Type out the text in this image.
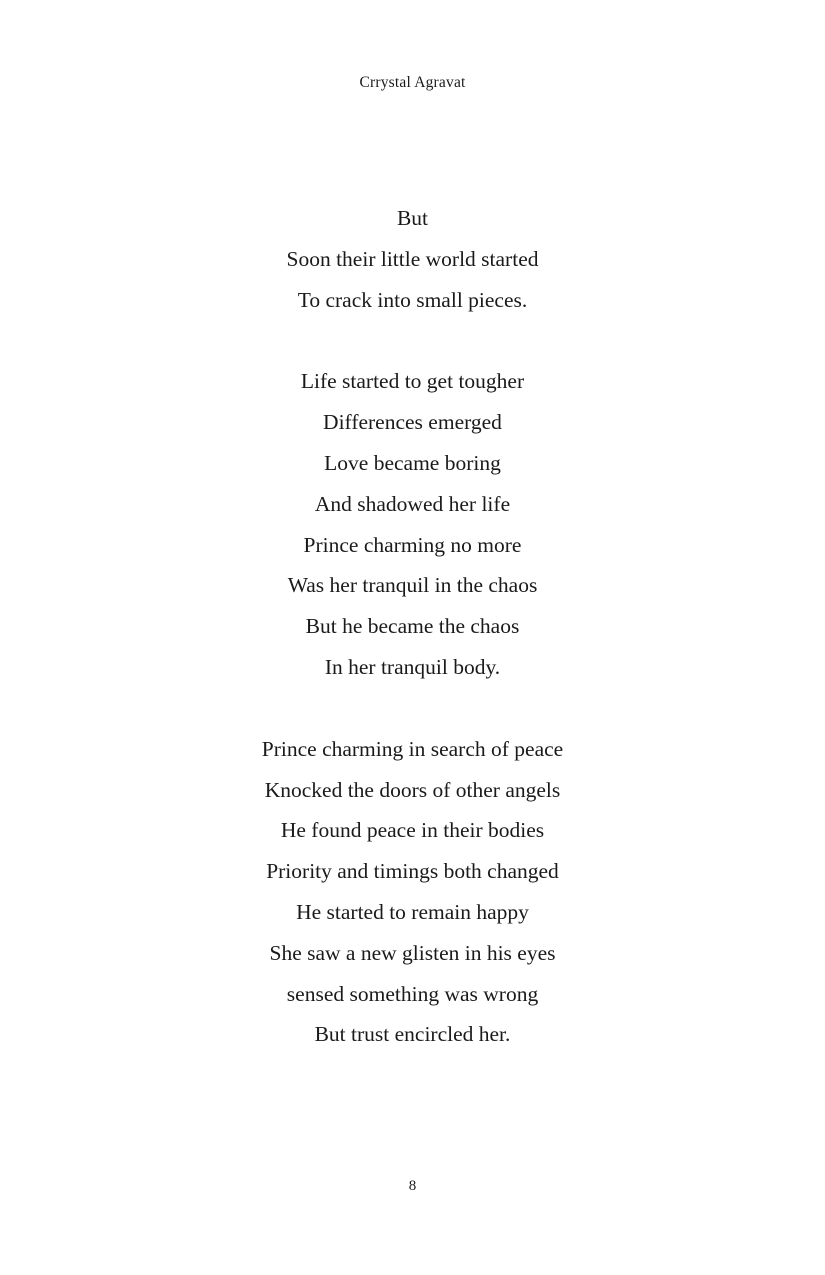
Crrystal Agravat
But
Soon their little world started
To crack into small pieces.
Life started to get tougher
Differences emerged
Love became boring
And shadowed her life
Prince charming no more
Was her tranquil in the chaos
But he became the chaos
In her tranquil body.
Prince charming in search of peace
Knocked the doors of other angels
He found peace in their bodies
Priority and timings both changed
He started to remain happy
She saw a new glisten in his eyes
sensed something was wrong
But trust encircled her.
8
